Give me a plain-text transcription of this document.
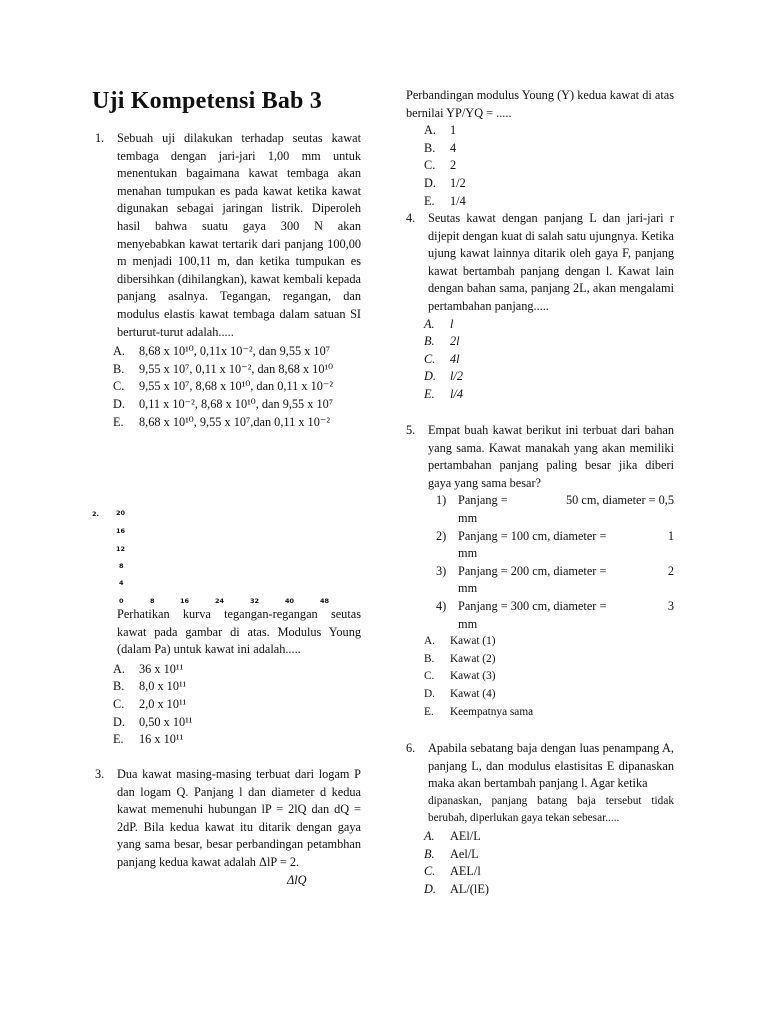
Uji Kompetensi Bab 3
1. Sebuah uji dilakukan terhadap seutas kawat tembaga dengan jari-jari 1,00 mm untuk menentukan bagaimana kawat tembaga akan menahan tumpukan es pada kawat ketika kawat digunakan sebagai jaringan listrik. Diperoleh hasil bahwa suatu gaya 300 N akan menyebabkan kawat tertarik dari panjang 100,00 m menjadi 100,11 m, dan ketika tumpukan es dibersihkan (dihilangkan), kawat kembali kepada panjang asalnya. Tegangan, regangan, dan modulus elastis kawat tembaga dalam satuan SI berturut-turut adalah.....
A. 8,68 x 10¹⁰, 0,11x 10⁻², dan 9,55 x 10⁷
B. 9,55 x 10⁷, 0,11 x 10⁻², dan 8,68 x 10¹⁰
C. 9,55 x 10⁷, 8,68 x 10¹⁰, dan 0,11 x 10⁻²
D. 0,11 x 10⁻², 8,68 x 10¹⁰, dan 9,55 x 10⁷
E. 8,68 x 10¹⁰, 9,55 x 10⁷,dan 0,11 x 10⁻²
2.	20
16
12
8
4
0	8	16	24	32	40	48
Perhatikan kurva tegangan-regangan seutas kawat pada gambar di atas. Modulus Young (dalam Pa) untuk kawat ini adalah.....
A. 36 x 10¹¹
B. 8,0 x 10¹¹
C. 2,0 x 10¹¹
D. 0,50 x 10¹¹
E. 16 x 10¹¹
3. Dua kawat masing-masing terbuat dari logam P dan logam Q. Panjang l dan diameter d kedua kawat memenuhi hubungan lP = 2lQ dan dQ = 2dP. Bila kedua kawat itu ditarik dengan gaya yang sama besar, besar perbandingan petambhan panjang kedua kawat adalah ΔlP = 2.
ΔlQ
Perbandingan modulus Young (Y) kedua kawat di atas bernilai YP/YQ = .....
A. 1
B. 4
C. 2
D. 1/2
E. 1/4
4. Seutas kawat dengan panjang L dan jari-jari r dijepit dengan kuat di salah satu ujungnya. Ketika ujung kawat lainnya ditarik oleh gaya F, panjang kawat bertambah panjang dengan l. Kawat lain dengan bahan sama, panjang 2L, akan mengalami pertambahan panjang.....
A. l
B. 2l
C. 4l
D. l/2
E. l/4
5. Empat buah kawat berikut ini terbuat dari bahan yang sama. Kawat manakah yang akan memiliki pertambahan panjang paling besar jika diberi gaya yang sama besar?
1) Panjang =	50 cm, diameter = 0,5
mm
2) Panjang = 100 cm, diameter =	1
mm
3) Panjang = 200 cm, diameter =	2
mm
4) Panjang = 300 cm, diameter =	3
mm
A. Kawat (1)
B. Kawat (2)
C. Kawat (3)
D. Kawat (4)
E. Keempatnya sama
6. Apabila sebatang baja dengan luas penampang A, panjang L, dan modulus elastisitas E dipanaskan maka akan bertambah panjang l. Agar ketika
dipanaskan, panjang batang baja tersebut tidak berubah, diperlukan gaya tekan sebesar.....
A. AEl/L
B. Ael/L
C. AEL/l
D. AL/(lE)
